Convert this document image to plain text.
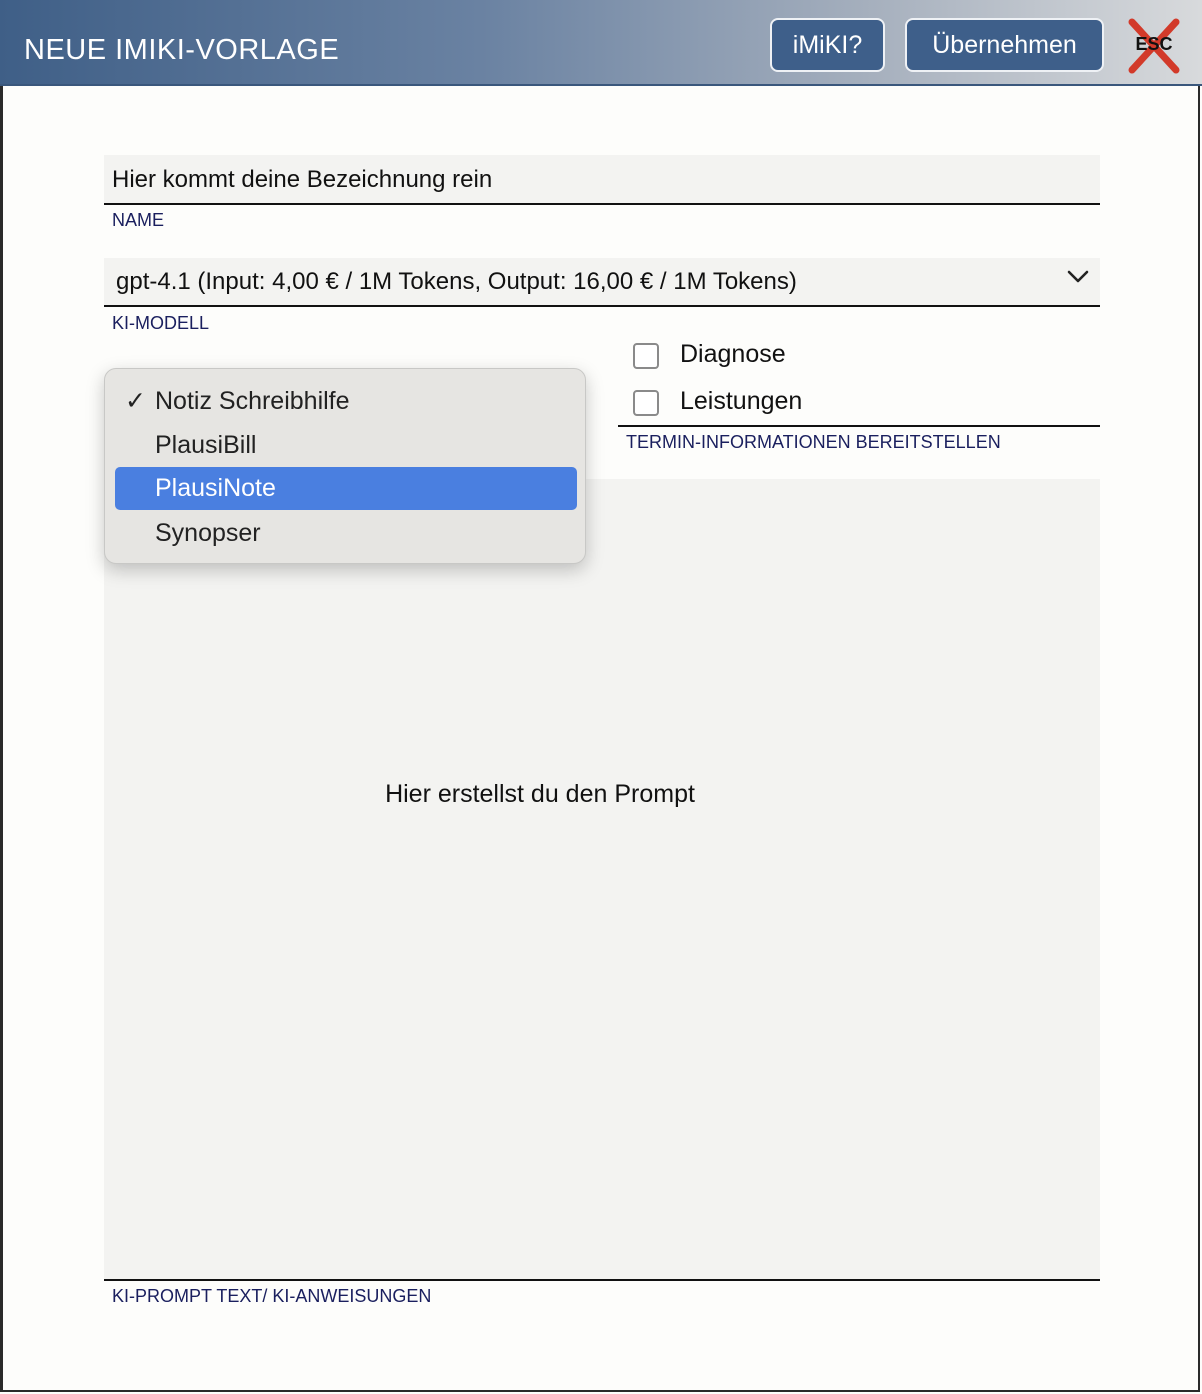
NEUE IMIKI-VORLAGE	iMiKI?	Übernehmen	ESC
Hier kommt deine Bezeichnung rein
NAME
gpt-4.1 (Input: 4,00 € / 1M Tokens, Output: 16,00 € / 1M Tokens)
KI-MODELL
Diagnose
Leistungen
TERMIN-INFORMATIONEN BEREITSTELLEN
Hier erstellst du den Prompt
KI-PROMPT TEXT/ KI-ANWEISUNGEN
✓ Notiz Schreibhilfe
PlausiBill
PlausiNote
Synopser
